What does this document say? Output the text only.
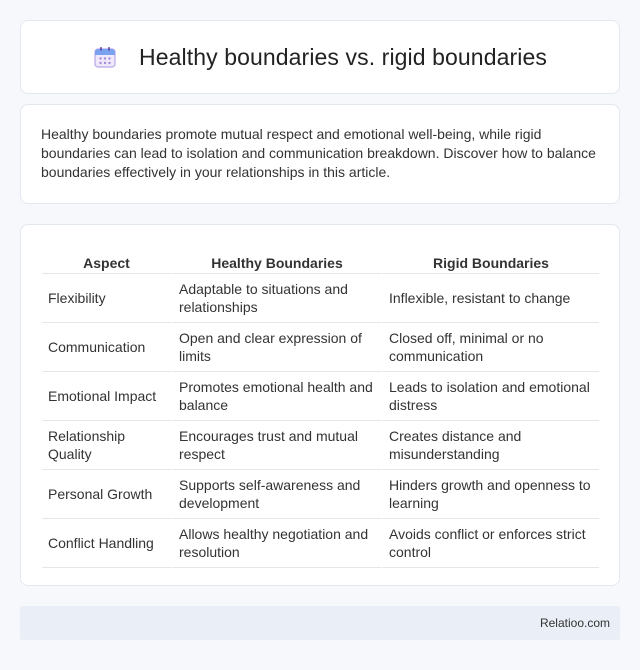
Healthy boundaries vs. rigid boundaries

Healthy boundaries promote mutual respect and emotional well-being, while rigid boundaries can lead to isolation and communication breakdown. Discover how to balance boundaries effectively in your relationships in this article.

Aspect	Healthy Boundaries	Rigid Boundaries
Flexibility	Adaptable to situations and relationships	Inflexible, resistant to change
Communication	Open and clear expression of limits	Closed off, minimal or no communication
Emotional Impact	Promotes emotional health and balance	Leads to isolation and emotional distress
Relationship Quality	Encourages trust and mutual respect	Creates distance and misunderstanding
Personal Growth	Supports self-awareness and development	Hinders growth and openness to learning
Conflict Handling	Allows healthy negotiation and resolution	Avoids conflict or enforces strict control
Relatioo.com
